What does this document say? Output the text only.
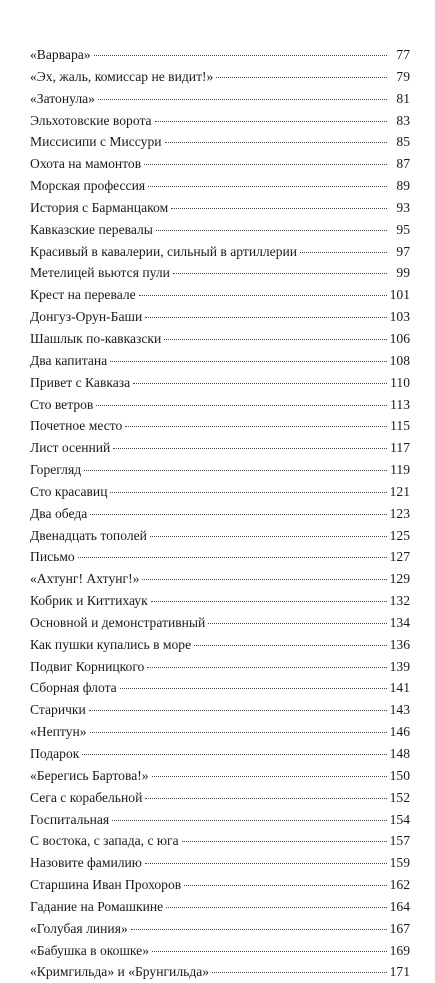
«Варвара»	77
«Эх, жаль, комиссар не видит!»	79
«Затонула»	81
Эльхотовские ворота	83
Миссисипи с Миссури	85
Охота на мамонтов	87
Морская профессия	89
История с Барманцаком	93
Кавказские перевалы	95
Красивый в кавалерии, сильный в артиллерии	97
Метелицей вьются пули	99
Крест на перевале	101
Донгуз-Орун-Баши	103
Шашлык по-кавказски	106
Два капитана	108
Привет с Кавказа	110
Сто ветров	113
Почетное место	115
Лист осенний	117
Горегляд	119
Сто красавиц	121
Два обеда	123
Двенадцать тополей	125
Письмо	127
«Ахтунг! Ахтунг!»	129
Кобрик и Киттихаук	132
Основной и демонстративный	134
Как пушки купались в море	136
Подвиг Корницкого	139
Сборная флота	141
Старички	143
«Нептун»	146
Подарок	148
«Берегись Бартова!»	150
Сега с корабельной	152
Госпитальная	154
С востока, с запада, с юга	157
Назовите фамилию	159
Старшина Иван Прохоров	162
Гадание на Ромашкине	164
«Голубая линия»	167
«Бабушка в окошке»	169
«Кримгильда» и «Брунгильда»	171
